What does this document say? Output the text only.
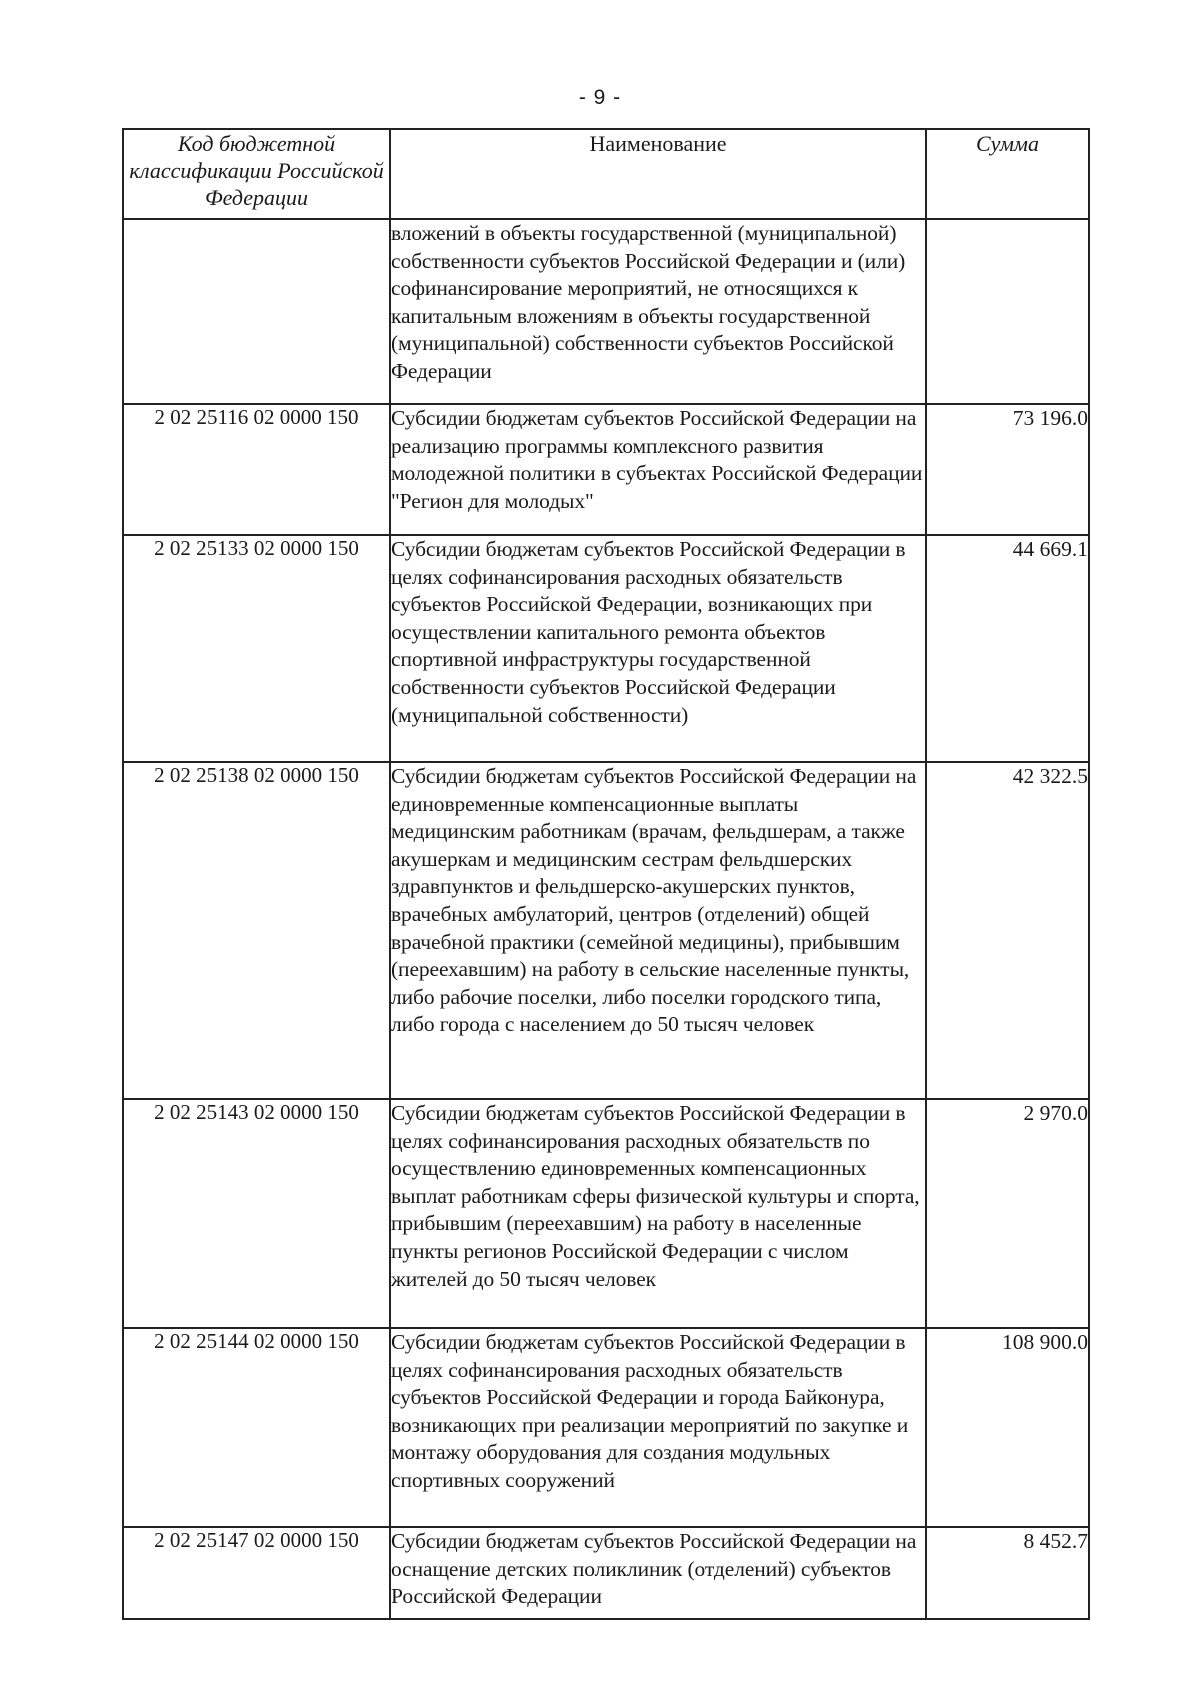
- 9 -
Код бюджетной классификации Российской Федерации	Наименование	Сумма
	вложений в объекты государственной (муниципальной) собственности субъектов Российской Федерации и (или) софинансирование мероприятий, не относящихся к капитальным вложениям в объекты государственной (муниципальной) собственности субъектов Российской Федерации	
2 02 25116 02 0000 150	Субсидии бюджетам субъектов Российской Федерации на реализацию программы комплексного развития молодежной политики в субъектах Российской Федерации "Регион для молодых"	73 196.0
2 02 25133 02 0000 150	Субсидии бюджетам субъектов Российской Федерации в целях софинансирования расходных обязательств субъектов Российской Федерации, возникающих при осуществлении капитального ремонта объектов спортивной инфраструктуры государственной собственности субъектов Российской Федерации (муниципальной собственности)	44 669.1
2 02 25138 02 0000 150	Субсидии бюджетам субъектов Российской Федерации на единовременные компенсационные выплаты медицинским работникам (врачам, фельдшерам, а также акушеркам и медицинским сестрам фельдшерских здравпунктов и фельдшерско-акушерских пунктов, врачебных амбулаторий, центров (отделений) общей врачебной практики (семейной медицины), прибывшим (переехавшим) на работу в сельские населенные пункты, либо рабочие поселки, либо поселки городского типа, либо города с населением до 50 тысяч человек	42 322.5
2 02 25143 02 0000 150	Субсидии бюджетам субъектов Российской Федерации в целях софинансирования расходных обязательств по осуществлению единовременных компенсационных выплат работникам сферы физической культуры и спорта, прибывшим (переехавшим) на работу в населенные пункты регионов Российской Федерации с числом жителей до 50 тысяч человек	2 970.0
2 02 25144 02 0000 150	Субсидии бюджетам субъектов Российской Федерации в целях софинансирования расходных обязательств субъектов Российской Федерации и города Байконура, возникающих при реализации мероприятий по закупке и монтажу оборудования для создания модульных спортивных сооружений	108 900.0
2 02 25147 02 0000 150	Субсидии бюджетам субъектов Российской Федерации на оснащение детских поликлиник (отделений) субъектов Российской Федерации	8 452.7
